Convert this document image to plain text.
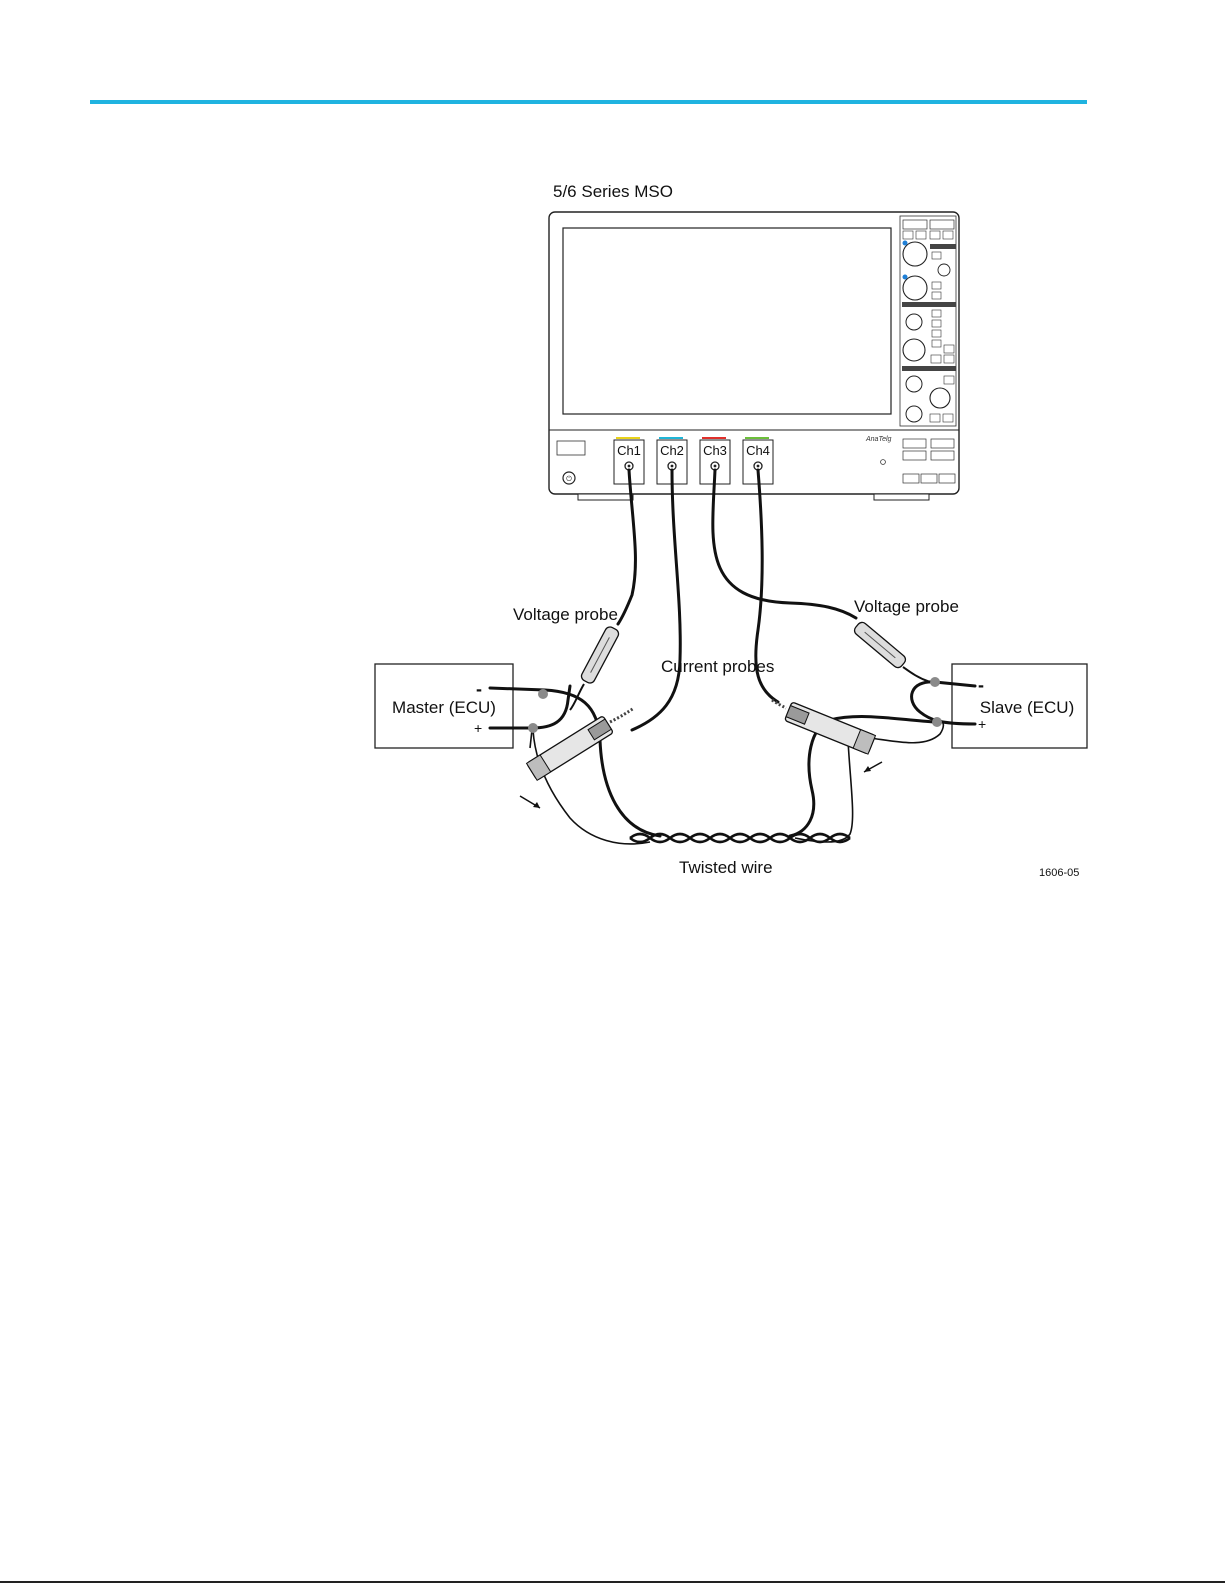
5/6 Series MSO
⏻
AnaTelg
Ch1 Ch2 Ch3 Ch4
Master (ECU)
-
+
Slave (ECU)
-
+
Voltage probe	Voltage probe
Current probes
Twisted wire	1606-05
